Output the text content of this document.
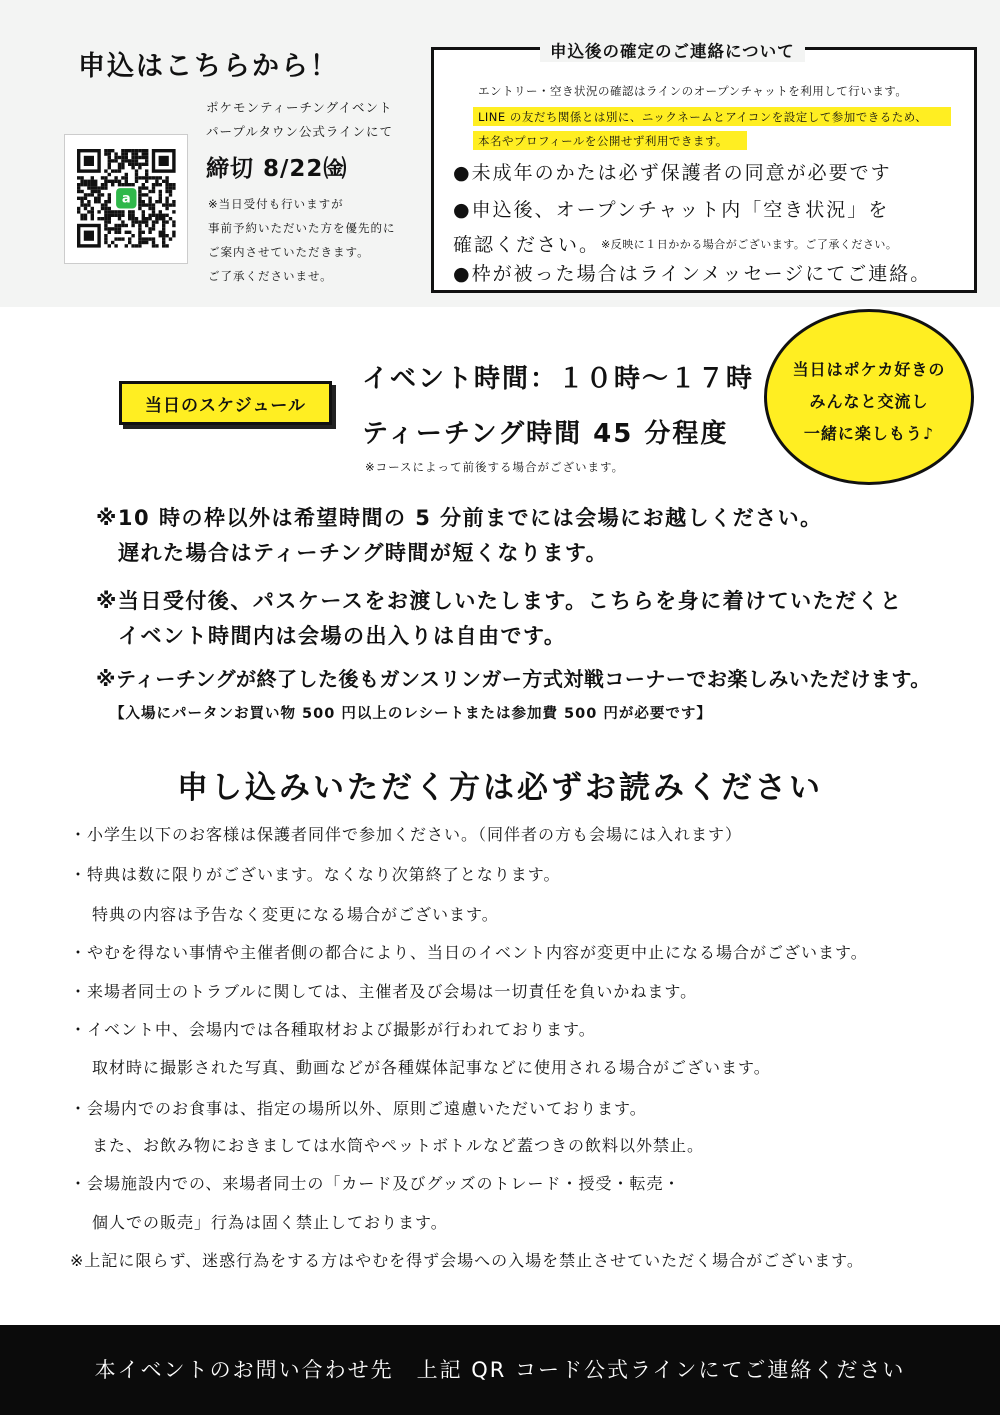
申込はこちらから！
a
ポケモンティーチングイベント
パープルタウン公式ラインにて
締切 8/22㈮
※当日受付も行いますが
事前予約いただいた方を優先的に
ご案内させていただきます。
ご了承くださいませ。
申込後の確定のご連絡について
エントリー・空き状況の確認はラインのオープンチャットを利用して行います。
LINE の友だち関係とは別に、ニックネームとアイコンを設定して参加できるため、
本名やプロフィールを公開せず利用できます。
●未成年のかたは必ず保護者の同意が必要です
●申込後、オープンチャット内「空き状況」を
確認ください。 ※反映に１日かかる場合がございます。ご了承ください。
●枠が被った場合はラインメッセージにてご連絡。
当日のスケジュール
イベント時間：１０時～１７時
ティーチング時間 45 分程度
※コースによって前後する場合がございます。
当日はポケカ好きの
みんなと交流し
一緒に楽しもう♪
※10 時の枠以外は希望時間の 5 分前までには会場にお越しください。
遅れた場合はティーチング時間が短くなります。
※当日受付後、パスケースをお渡しいたします。こちらを身に着けていただくと
イベント時間内は会場の出入りは自由です。
※ティーチングが終了した後もガンスリンガー方式対戦コーナーでお楽しみいただけます。
【入場にパータンお買い物 500 円以上のレシートまたは参加費 500 円が必要です】
申し込みいただく方は必ずお読みください
・小学生以下のお客様は保護者同伴で参加ください。（同伴者の方も会場には入れます）
・特典は数に限りがございます。なくなり次第終了となります。
特典の内容は予告なく変更になる場合がございます。
・やむを得ない事情や主催者側の都合により、当日のイベント内容が変更中止になる場合がございます。
・来場者同士のトラブルに関しては、主催者及び会場は一切責任を負いかねます。
・イベント中、会場内では各種取材および撮影が行われております。
取材時に撮影された写真、動画などが各種媒体記事などに使用される場合がございます。
・会場内でのお食事は、指定の場所以外、原則ご遠慮いただいております。
また、お飲み物におきましては水筒やペットボトルなど蓋つきの飲料以外禁止。
・会場施設内での、来場者同士の「カード及びグッズのトレード・授受・転売・
個人での販売」行為は固く禁止しております。
※上記に限らず、迷惑行為をする方はやむを得ず会場への入場を禁止させていただく場合がございます。
本イベントのお問い合わせ先　上記 QR コード公式ラインにてご連絡ください
